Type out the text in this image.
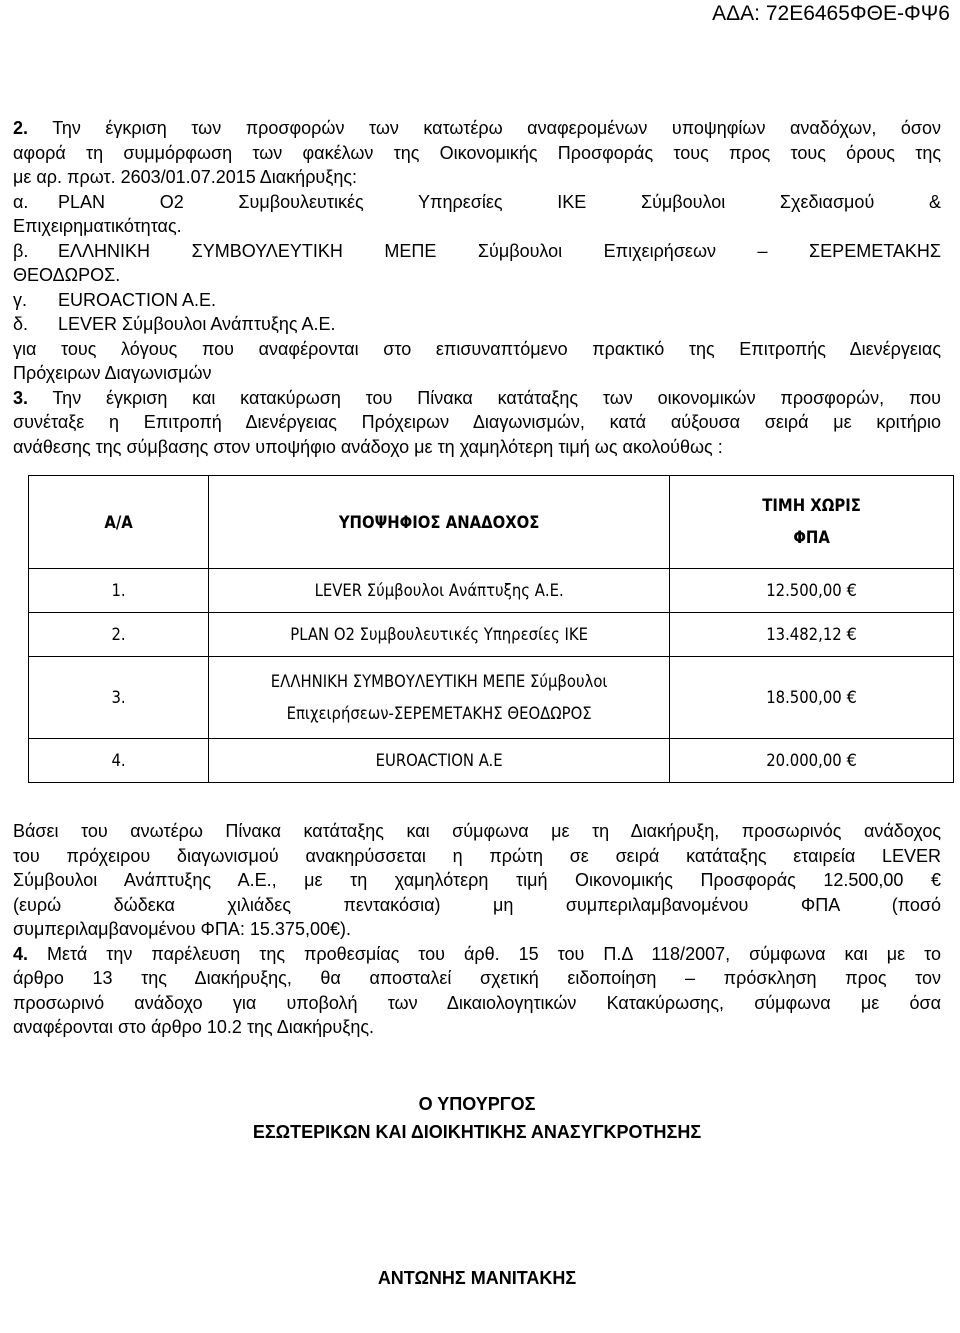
ΑΔΑ: 72Ε6465ΦΘΕ-ΦΨ6

2. Την έγκριση των προσφορών των κατωτέρω αναφερομένων υποψηφίων αναδόχων, όσον

αφορά τη συμμόρφωση των φακέλων της Οικονομικής Προσφοράς τους προς τους όρους της

με αρ. πρωτ. 2603/01.07.2015 Διακήρυξης:

α.	PLAN O2 Συμβουλευτικές Υπηρεσίες ΙΚΕ Σύμβουλοι Σχεδιασμού &

Επιχειρηματικότητας.

β.	ΕΛΛΗΝΙΚΗ ΣΥΜΒΟΥΛΕΥΤΙΚΗ ΜΕΠΕ Σύμβουλοι Επιχειρήσεων – ΣΕΡΕΜΕΤΑΚΗΣ

ΘΕΟΔΩΡΟΣ.

γ.	EUROACTION A.E.
δ.	LEVER Σύμβουλοι Ανάπτυξης Α.Ε.

για τους λόγους που αναφέρονται στο επισυναπτόμενο πρακτικό της Επιτροπής Διενέργειας

Πρόχειρων Διαγωνισμών

3. Την έγκριση και κατακύρωση του Πίνακα κατάταξης των οικονομικών προσφορών, που

συνέταξε η Επιτροπή Διενέργειας Πρόχειρων Διαγωνισμών, κατά αύξουσα σειρά με κριτήριο

ανάθεσης της σύμβασης στον υποψήφιο ανάδοχο με τη χαμηλότερη τιμή ως ακολούθως :

Α/Α	ΥΠΟΨΗΦΙΟΣ ΑΝΑΔΟΧΟΣ	ΤΙΜΗ ΧΩΡΙΣ
ΦΠΑ

1.	LEVER Σύμβουλοι Ανάπτυξης Α.Ε.	12.500,00 €
2.	PLAN O2 Συμβουλευτικές Υπηρεσίες ΙΚΕ	13.482,12 €
3.	ΕΛΛΗΝΙΚΗ ΣΥΜΒΟΥΛΕΥΤΙΚΗ ΜΕΠΕ Σύμβουλοι
Επιχειρήσεων-ΣΕΡΕΜΕΤΑΚΗΣ ΘΕΟΔΩΡΟΣ	18.500,00 €
4.	EUROACTION A.E	20.000,00 €

Βάσει του ανωτέρω Πίνακα κατάταξης και σύμφωνα με τη Διακήρυξη, προσωρινός ανάδοχος

του πρόχειρου διαγωνισμού ανακηρύσσεται η πρώτη σε σειρά κατάταξης εταιρεία LEVER

Σύμβουλοι Ανάπτυξης Α.Ε., με τη χαμηλότερη τιμή Οικονομικής Προσφοράς 12.500,00 €

(ευρώ δώδεκα χιλιάδες πεντακόσια) μη συμπεριλαμβανομένου ΦΠΑ (ποσό

συμπεριλαμβανομένου ΦΠΑ: 15.375,00€).

4. Μετά την παρέλευση της προθεσμίας του άρθ. 15 του Π.Δ 118/2007, σύμφωνα και με το

άρθρο 13 της Διακήρυξης, θα αποσταλεί σχετική ειδοποίηση – πρόσκληση προς τον

προσωρινό ανάδοχο για υποβολή των Δικαιολογητικών Κατακύρωσης, σύμφωνα με όσα

αναφέρονται στο άρθρο 10.2 της Διακήρυξης.

Ο ΥΠΟΥΡΓΟΣ
ΕΣΩΤΕΡΙΚΩΝ ΚΑΙ ΔΙΟΙΚΗΤΙΚΗΣ ΑΝΑΣΥΓΚΡΟΤΗΣΗΣ
ΑΝΤΩΝΗΣ ΜΑΝΙΤΑΚΗΣ
